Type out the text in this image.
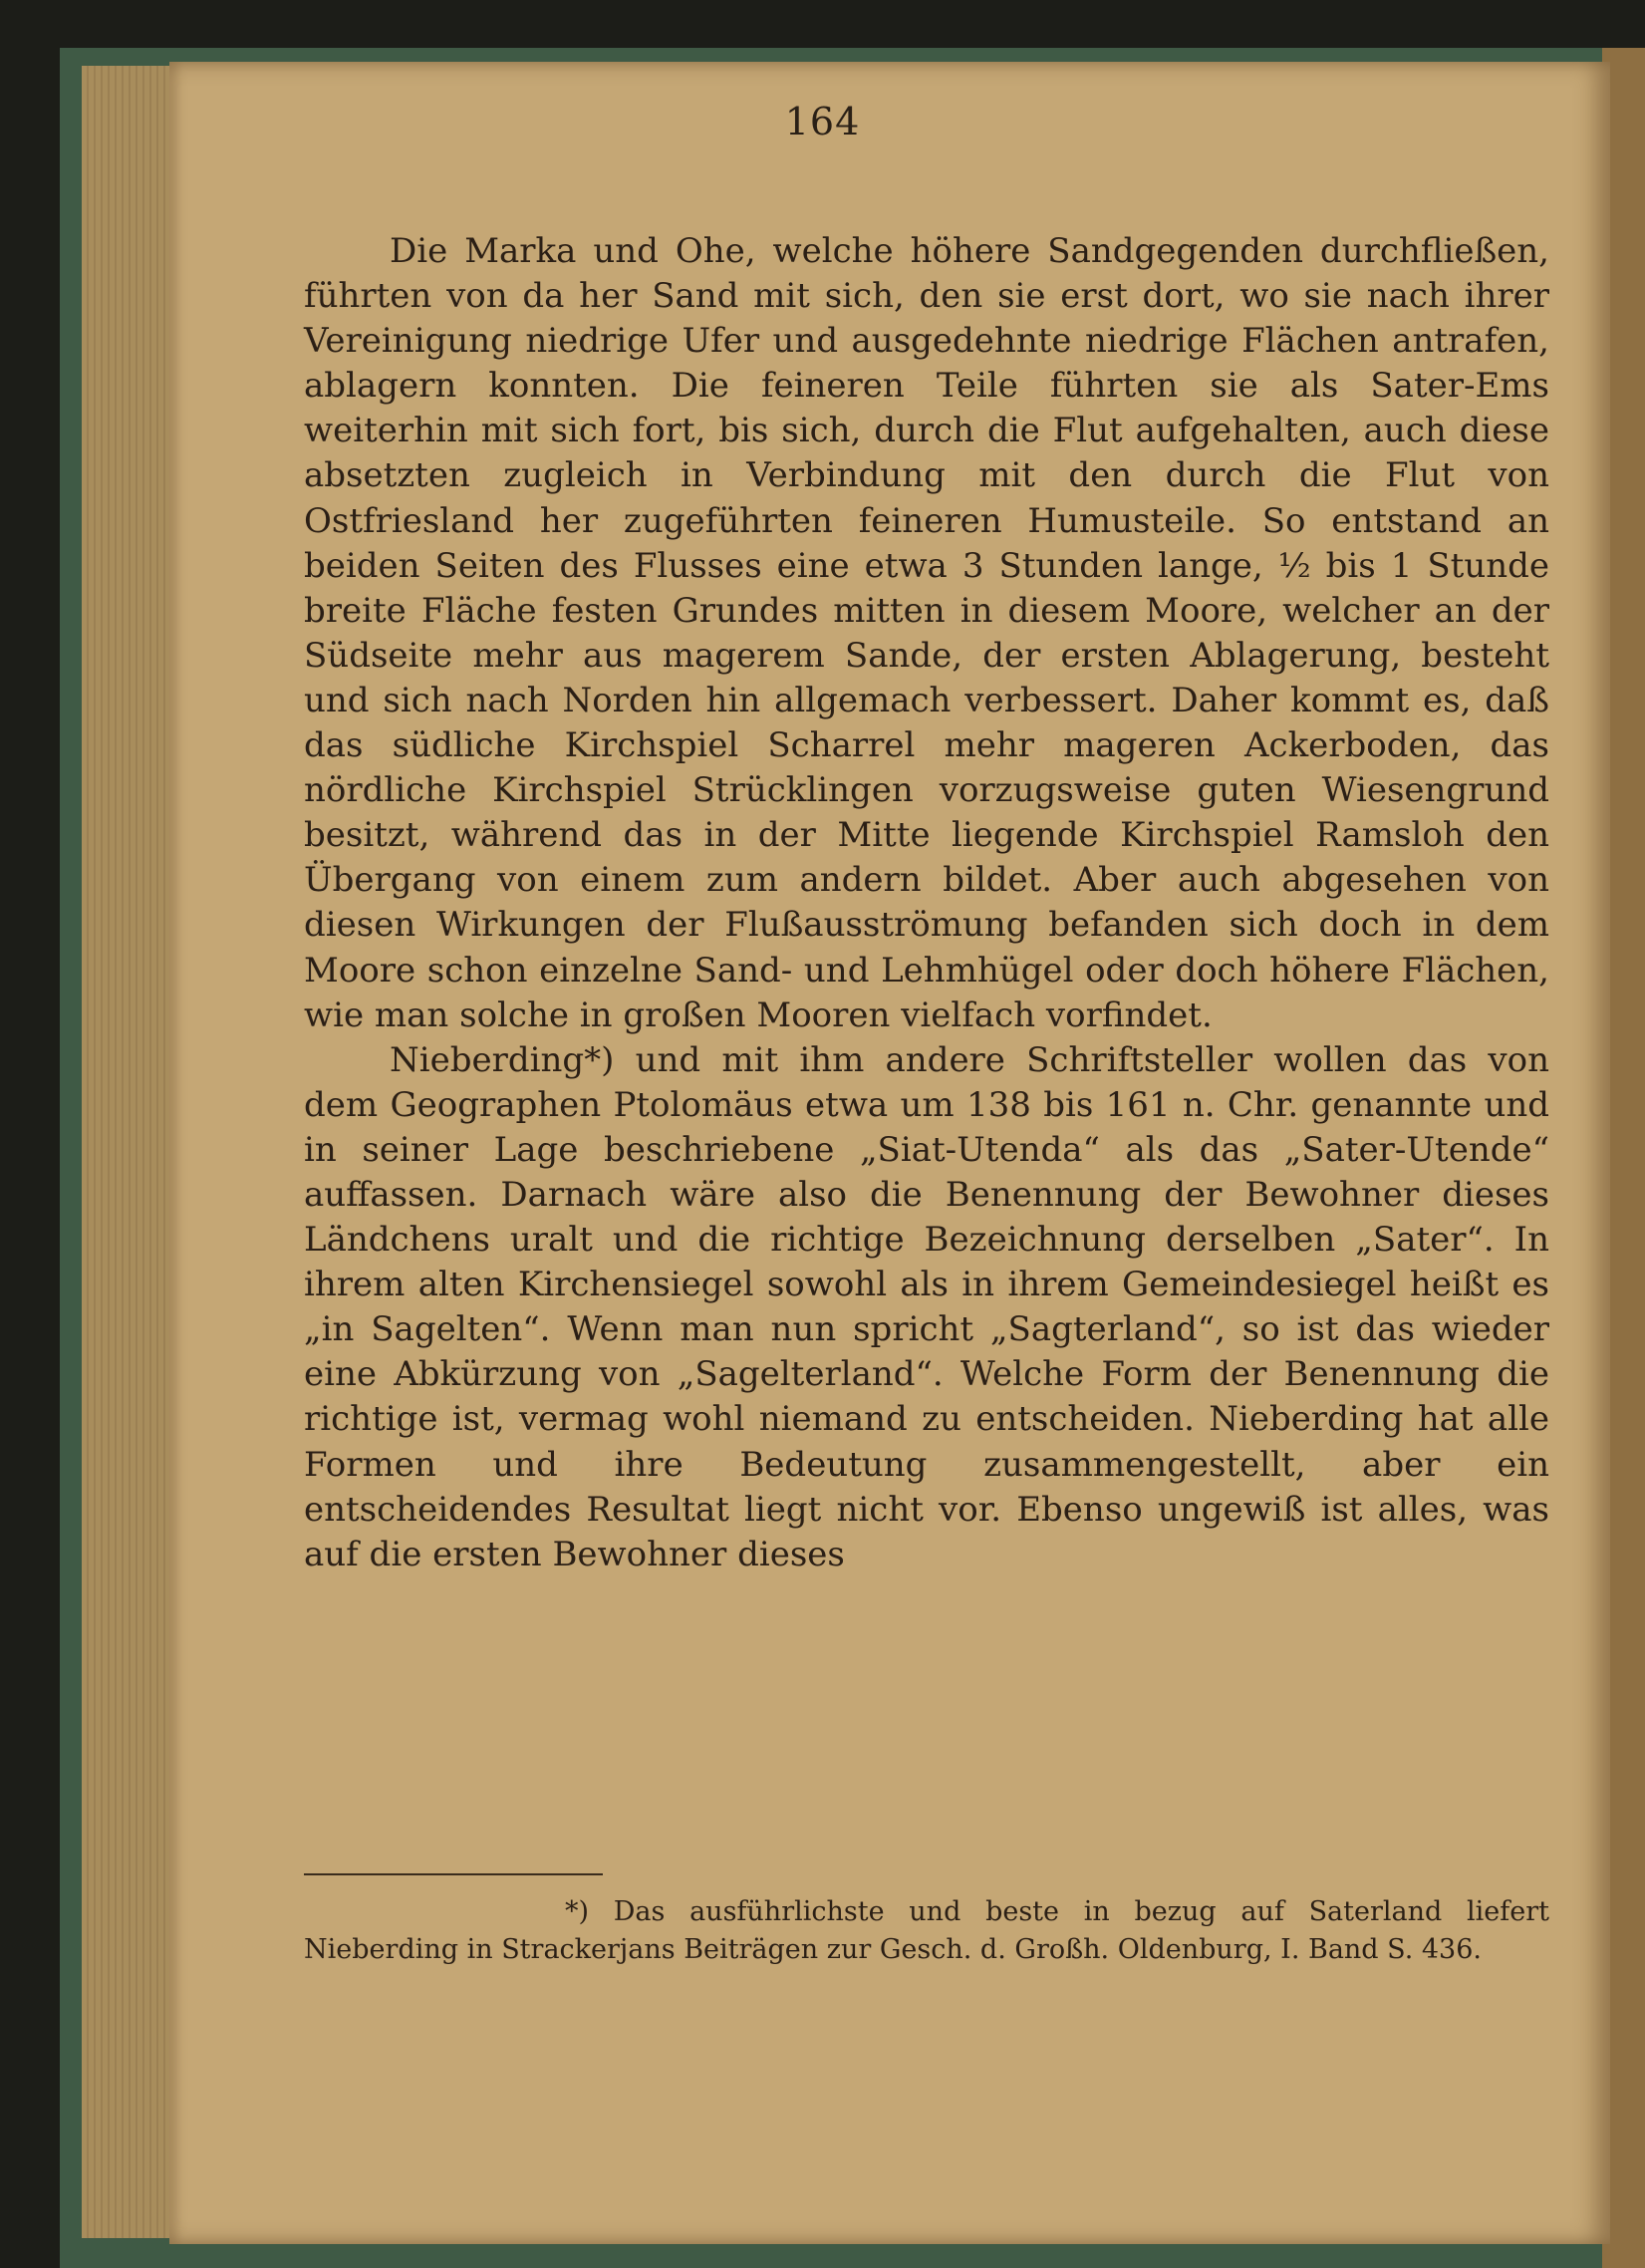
164

Die Marka und Ohe, welche höhere Sandgegenden durchfließen, führten von da her Sand mit sich, den sie erst dort, wo sie nach ihrer Vereinigung niedrige Ufer und ausgedehnte niedrige Flächen antrafen, ablagern konnten. Die feineren Teile führten sie als Sater-Ems weiterhin mit sich fort, bis sich, durch die Flut aufgehalten, auch diese absetzten zugleich in Verbindung mit den durch die Flut von Ostfriesland her zugeführten feineren Humusteile. So entstand an beiden Seiten des Flusses eine etwa 3 Stunden lange, ½ bis 1 Stunde breite Fläche festen Grundes mitten in diesem Moore, welcher an der Südseite mehr aus magerem Sande, der ersten Ablagerung, besteht und sich nach Norden hin allgemach verbessert. Daher kommt es, daß das südliche Kirchspiel Scharrel mehr mageren Ackerboden, das nördliche Kirchspiel Strücklingen vorzugsweise guten Wiesengrund besitzt, während das in der Mitte liegende Kirchspiel Ramsloh den Übergang von einem zum andern bildet. Aber auch abgesehen von diesen Wirkungen der Flußausströmung befanden sich doch in dem Moore schon einzelne Sand- und Lehmhügel oder doch höhere Flächen, wie man solche in großen Mooren vielfach vorfindet.

Nieberding*) und mit ihm andere Schriftsteller wollen das von dem Geographen Ptolomäus etwa um 138 bis 161 n. Chr. genannte und in seiner Lage beschriebene „Siat-Utenda“ als das „Sater-Utende“ auffassen. Darnach wäre also die Benennung der Bewohner dieses Ländchens uralt und die richtige Bezeichnung derselben „Sater“. In ihrem alten Kirchensiegel sowohl als in ihrem Gemeindesiegel heißt es „in Sagelten“. Wenn man nun spricht „Sagterland“, so ist das wieder eine Abkürzung von „Sagelterland“. Welche Form der Benennung die richtige ist, vermag wohl niemand zu entscheiden. Nieberding hat alle Formen und ihre Bedeutung zusammengestellt, aber ein entscheidendes Resultat liegt nicht vor. Ebenso ungewiß ist alles, was auf die ersten Bewohner dieses

*) Das ausführlichste und beste in bezug auf Saterland liefert Nieberding in Strackerjans Beiträgen zur Gesch. d. Großh. Oldenburg, I. Band S. 436.
